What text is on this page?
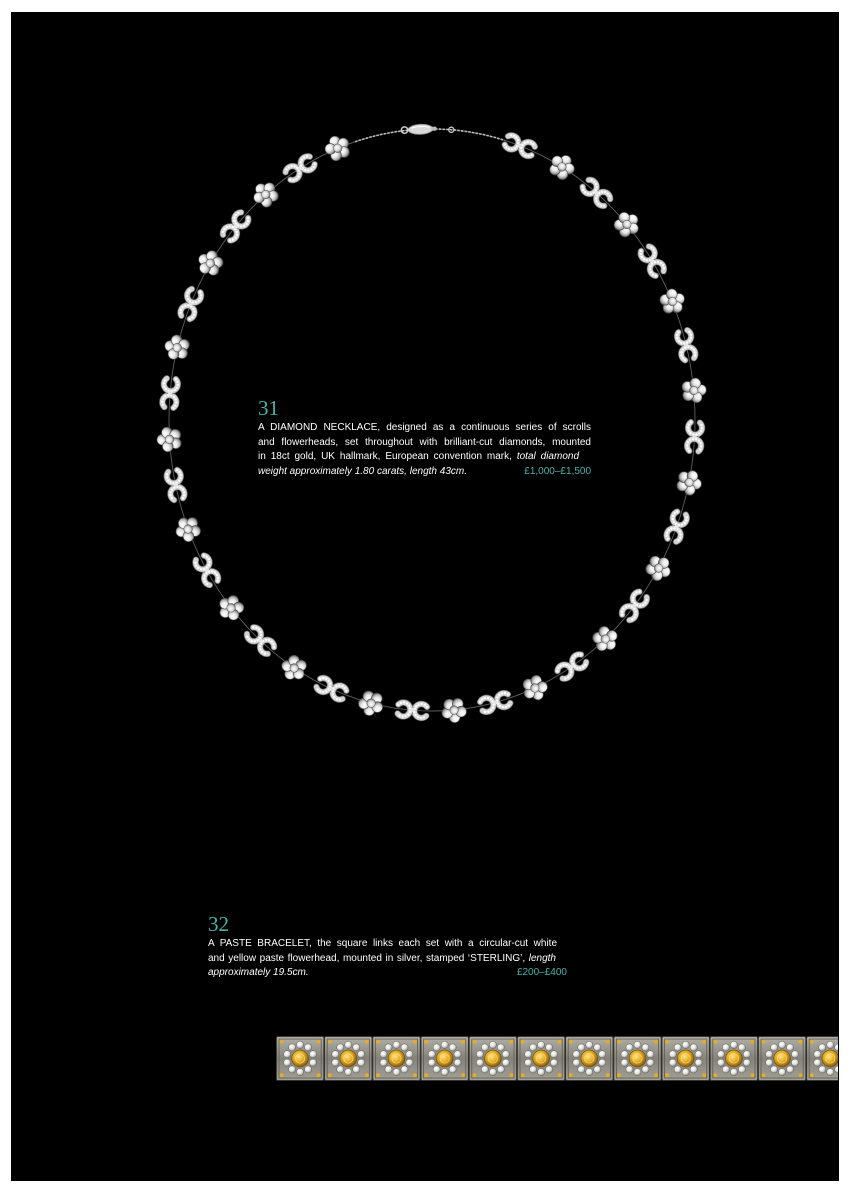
31
A DIAMOND NECKLACE, designed as a continuous series of scrolls
and flowerheads, set throughout with brilliant-cut diamonds, mounted
in 18ct gold, UK hallmark, European convention mark, total diamond
weight approximately 1.80 carats, length 43cm.	£1,000–£1,500
32
A PASTE BRACELET, the square links each set with a circular-cut white
and yellow paste flowerhead, mounted in silver, stamped ‘STERLING’, length
approximately 19.5cm.	£200–£400
